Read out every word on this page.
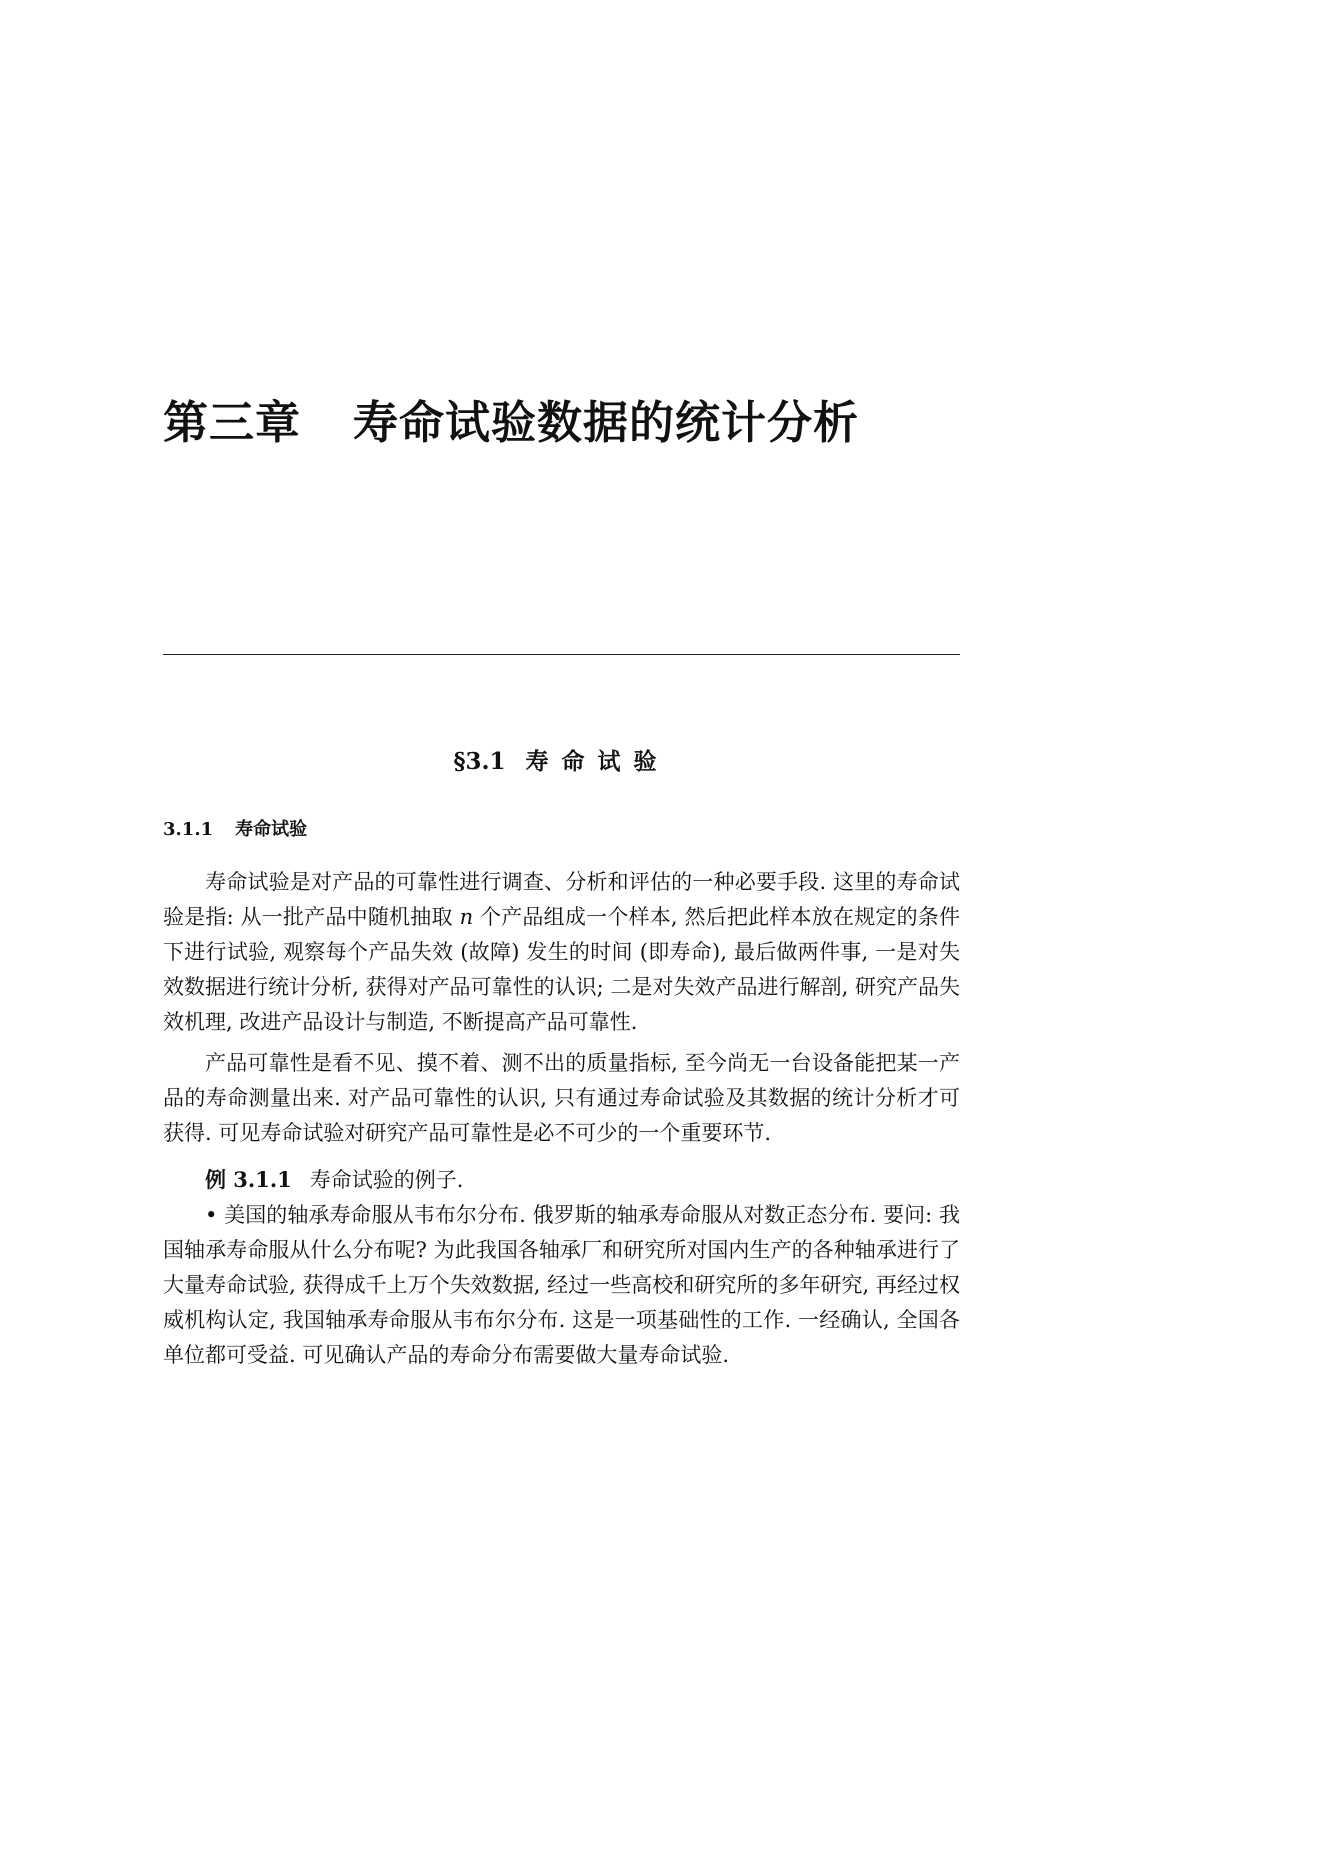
第三章 寿命试验数据的统计分析
§3.1 寿命试验
3.1.1 寿命试验

寿命试验是对产品的可靠性进行调查、分析和评估的一种必要手段. 这里的寿命试验是指: 从一批产品中随机抽取 n 个产品组成一个样本, 然后把此样本放在规定的条件下进行试验, 观察每个产品失效 (故障) 发生的时间 (即寿命), 最后做两件事, 一是对失效数据进行统计分析, 获得对产品可靠性的认识; 二是对失效产品进行解剖, 研究产品失效机理, 改进产品设计与制造, 不断提高产品可靠性.

产品可靠性是看不见、摸不着、测不出的质量指标, 至今尚无一台设备能把某一产品的寿命测量出来. 对产品可靠性的认识, 只有通过寿命试验及其数据的统计分析才可获得. 可见寿命试验对研究产品可靠性是必不可少的一个重要环节.

例 3.1.1 寿命试验的例子.

• 美国的轴承寿命服从韦布尔分布. 俄罗斯的轴承寿命服从对数正态分布. 要问: 我国轴承寿命服从什么分布呢? 为此我国各轴承厂和研究所对国内生产的各种轴承进行了大量寿命试验, 获得成千上万个失效数据, 经过一些高校和研究所的多年研究, 再经过权威机构认定, 我国轴承寿命服从韦布尔分布. 这是一项基础性的工作. 一经确认, 全国各单位都可受益. 可见确认产品的寿命分布需要做大量寿命试验.
